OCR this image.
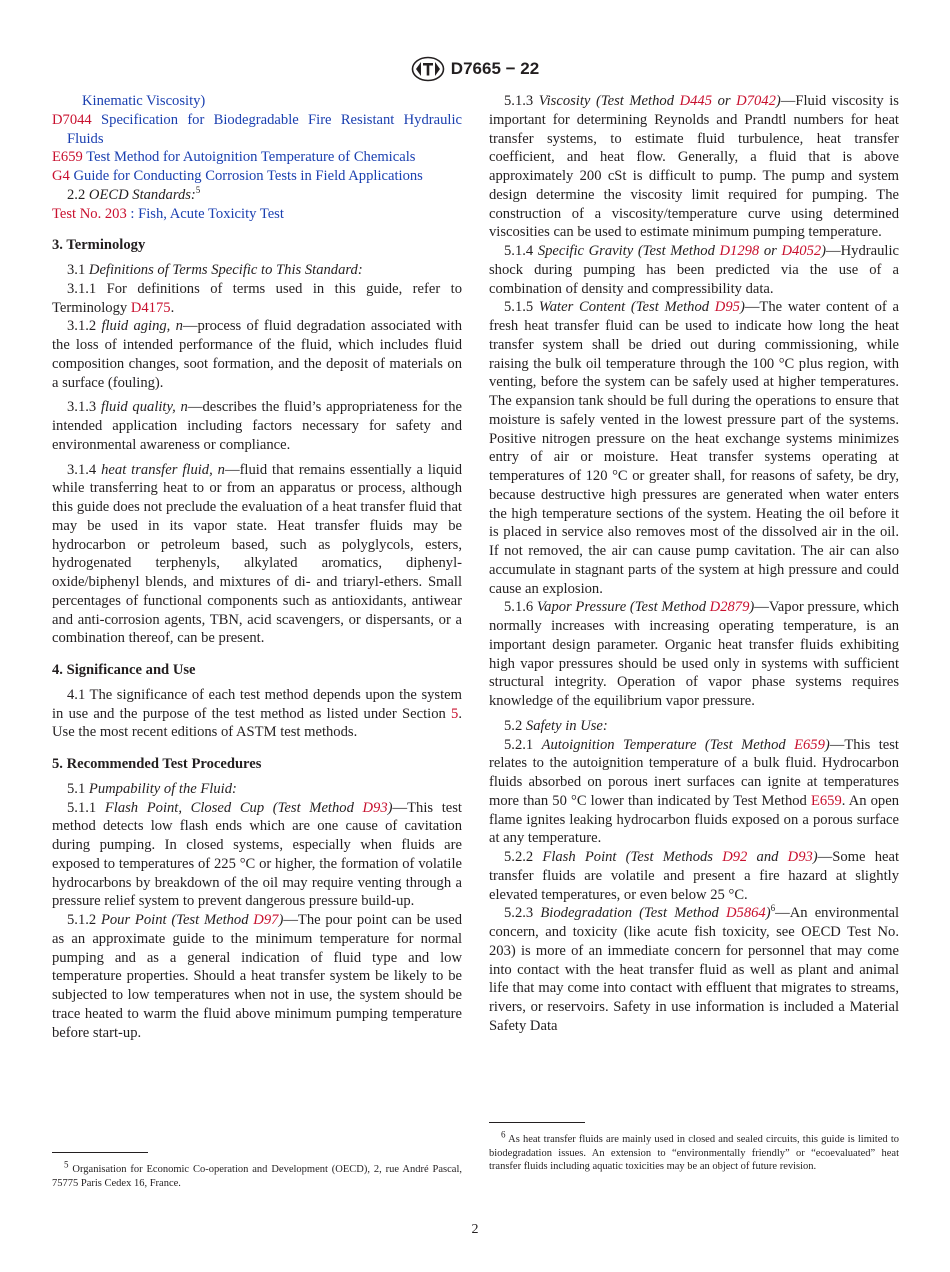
D7665 − 22

Kinematic Viscosity)

D7044 Specification for Biodegradable Fire Resistant Hydraulic Fluids

E659 Test Method for Autoignition Temperature of Chemicals

G4 Guide for Conducting Corrosion Tests in Field Applications

2.2 OECD Standards:$^5$

Test No. 203 : Fish, Acute Toxicity Test

3. Terminology

3.1 Definitions of Terms Specific to This Standard:

3.1.1 For definitions of terms used in this guide, refer to Terminology D4175.

3.1.2 fluid aging, n—process of fluid degradation associated with the loss of intended performance of the fluid, which includes fluid composition changes, soot formation, and the deposit of materials on a surface (fouling).

3.1.3 fluid quality, n—describes the fluid’s appropriateness for the intended application including factors necessary for safety and environmental awareness or compliance.

3.1.4 heat transfer fluid, n—fluid that remains essentially a liquid while transferring heat to or from an apparatus or process, although this guide does not preclude the evaluation of a heat transfer fluid that may be used in its vapor state. Heat transfer fluids may be hydrocarbon or petroleum based, such as polyglycols, esters, hydrogenated terphenyls, alkylated aromatics, diphenyl-oxide/biphenyl blends, and mixtures of di- and triaryl-ethers. Small percentages of functional components such as antioxidants, antiwear and anti-corrosion agents, TBN, acid scavengers, or dispersants, or a combination thereof, can be present.

4. Significance and Use

4.1 The significance of each test method depends upon the system in use and the purpose of the test method as listed under Section 5. Use the most recent editions of ASTM test methods.

5. Recommended Test Procedures

5.1 Pumpability of the Fluid:

5.1.1 Flash Point, Closed Cup (Test Method D93)—This test method detects low flash ends which are one cause of cavitation during pumping. In closed systems, especially when fluids are exposed to temperatures of 225 °C or higher, the formation of volatile hydrocarbons by breakdown of the oil may require venting through a pressure relief system to prevent dangerous pressure build-up.

5.1.2 Pour Point (Test Method D97)—The pour point can be used as an approximate guide to the minimum temperature for normal pumping and as a general indication of fluid type and low temperature properties. Should a heat transfer system be likely to be subjected to low temperatures when not in use, the system should be trace heated to warm the fluid above minimum pumping temperature before start-up.

$^5$ Organisation for Economic Co-operation and Development (OECD), 2, rue André Pascal, 75775 Paris Cedex 16, France.

5.1.3 Viscosity (Test Method D445 or D7042)—Fluid viscosity is important for determining Reynolds and Prandtl numbers for heat transfer systems, to estimate fluid turbulence, heat transfer coefficient, and heat flow. Generally, a fluid that is above approximately 200 cSt is difficult to pump. The pump and system design determine the viscosity limit required for pumping. The construction of a viscosity/temperature curve using determined viscosities can be used to estimate minimum pumping temperature.

5.1.4 Specific Gravity (Test Method D1298 or D4052)—Hydraulic shock during pumping has been predicted via the use of a combination of density and compressibility data.

5.1.5 Water Content (Test Method D95)—The water content of a fresh heat transfer fluid can be used to indicate how long the heat transfer system shall be dried out during commissioning, while raising the bulk oil temperature through the 100 °C plus region, with venting, before the system can be safely used at higher temperatures. The expansion tank should be full during the operations to ensure that moisture is safely vented in the lowest pressure part of the systems. Positive nitrogen pressure on the heat exchange systems minimizes entry of air or moisture. Heat transfer systems operating at temperatures of 120 °C or greater shall, for reasons of safety, be dry, because destructive high pressures are generated when water enters the high temperature sections of the system. Heating the oil before it is placed in service also removes most of the dissolved air in the oil. If not removed, the air can cause pump cavitation. The air can also accumulate in stagnant parts of the system at high pressure and could cause an explosion.

5.1.6 Vapor Pressure (Test Method D2879)—Vapor pressure, which normally increases with increasing operating temperature, is an important design parameter. Organic heat transfer fluids exhibiting high vapor pressures should be used only in systems with sufficient structural integrity. Operation of vapor phase systems requires knowledge of the equilibrium vapor pressure.

5.2 Safety in Use:

5.2.1 Autoignition Temperature (Test Method E659)—This test relates to the autoignition temperature of a bulk fluid. Hydrocarbon fluids absorbed on porous inert surfaces can ignite at temperatures more than 50 °C lower than indicated by Test Method E659. An open flame ignites leaking hydrocarbon fluids exposed on a porous surface at any temperature.

5.2.2 Flash Point (Test Methods D92 and D93)—Some heat transfer fluids are volatile and present a fire hazard at slightly elevated temperatures, or even below 25 °C.

5.2.3 Biodegradation (Test Method D5864)$^6$—An environmental concern, and toxicity (like acute fish toxicity, see OECD Test No. 203) is more of an immediate concern for personnel that may come into contact with the heat transfer fluid as well as plant and animal life that may come into contact with effluent that migrates to streams, rivers, or reservoirs. Safety in use information is included a Material Safety Data

$^6$ As heat transfer fluids are mainly used in closed and sealed circuits, this guide is limited to biodegradation issues. An extension to “environmentally friendly” or “ecoevaluated” heat transfer fluids including aquatic toxicities may be an object of future revision.
2
